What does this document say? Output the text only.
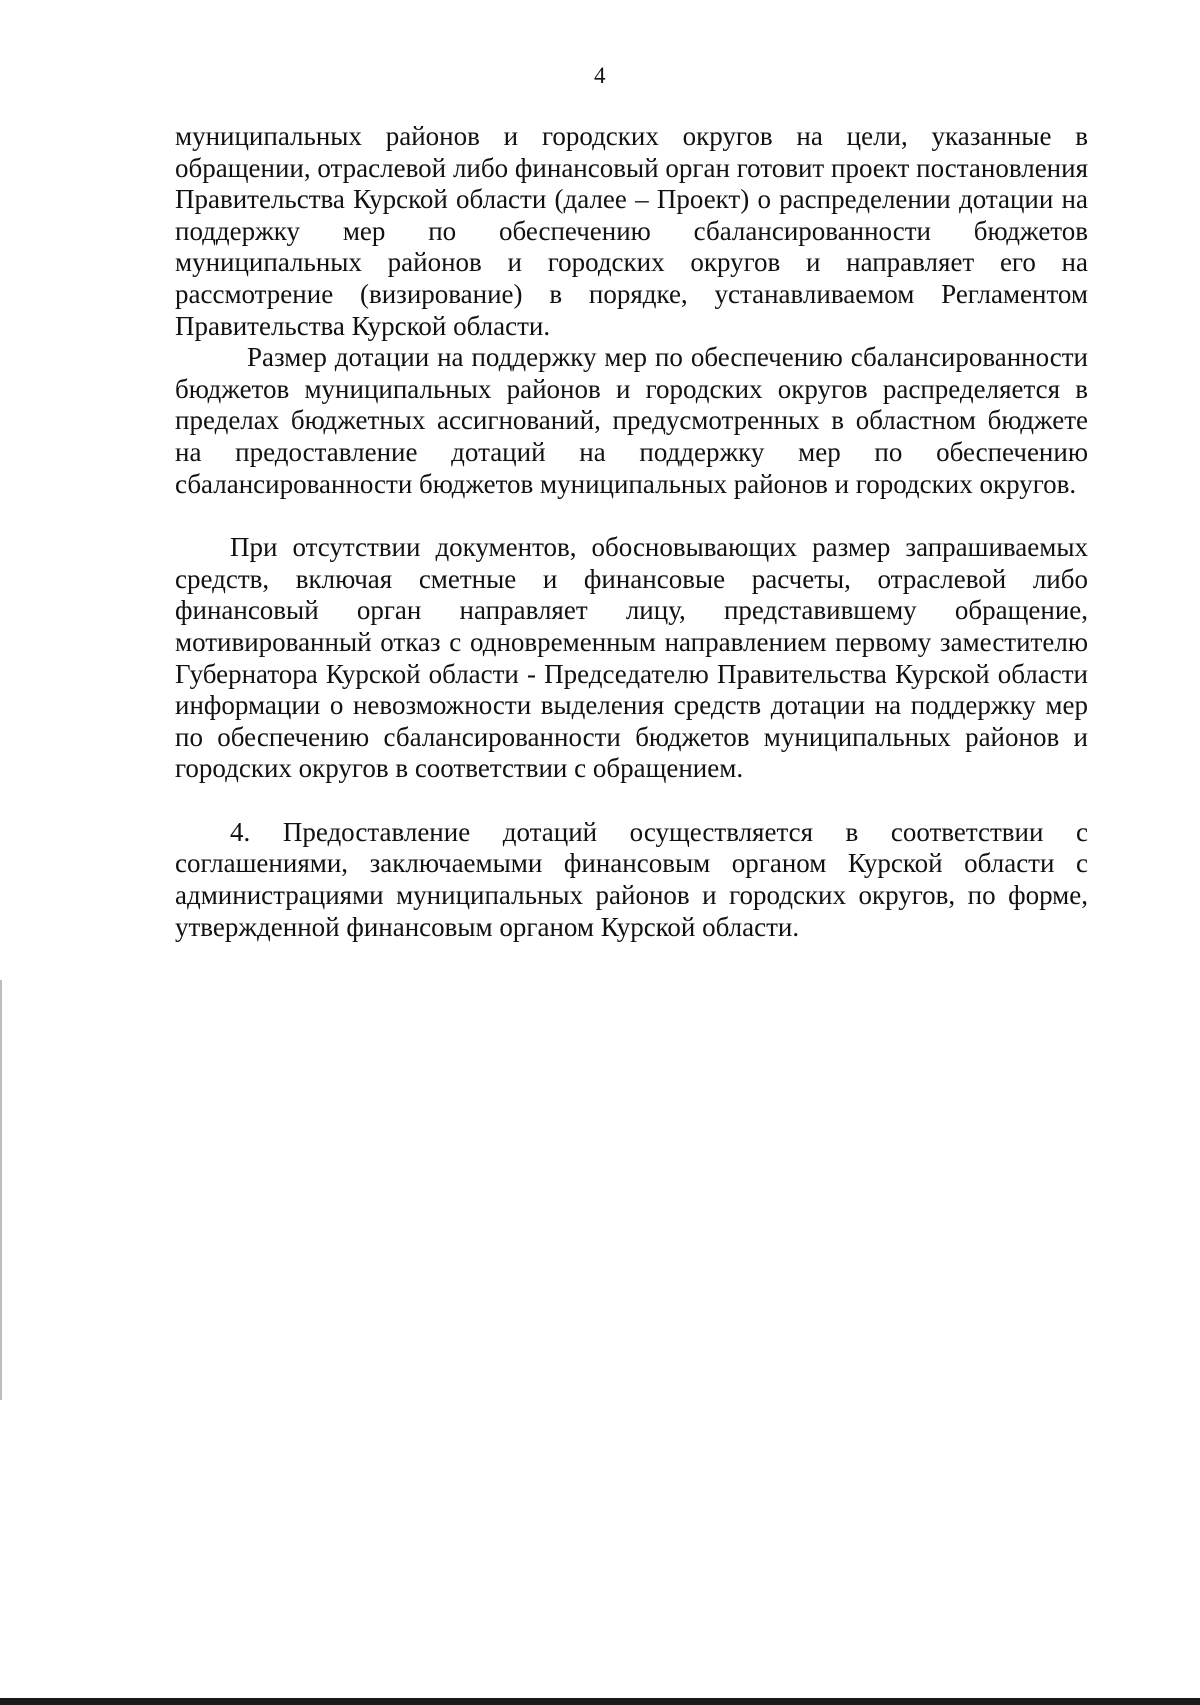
4

муниципальных районов и городских округов на цели, указанные в обращении, отраслевой либо финансовый орган готовит проект постановления Правительства Курской области (далее – Проект) о распределении дотации на поддержку мер по обеспечению сбалансированности бюджетов муниципальных районов и городских округов и направляет его на рассмотрение (визирование) в порядке, устанавливаемом Регламентом Правительства Курской области.

Размер дотации на поддержку мер по обеспечению сбалансированности бюджетов муниципальных районов и городских округов распределяется в пределах бюджетных ассигнований, предусмотренных в областном бюджете на предоставление дотаций на поддержку мер по обеспечению сбалансированности бюджетов муниципальных районов и городских округов.

При отсутствии документов, обосновывающих размер запрашиваемых средств, включая сметные и финансовые расчеты, отраслевой либо финансовый орган направляет лицу, представившему обращение, мотивированный отказ с одновременным направлением первому заместителю Губернатора Курской области - Председателю Правительства Курской области информации о невозможности выделения средств дотации на поддержку мер по обеспечению сбалансированности бюджетов муниципальных районов и городских округов в соответствии с обращением.

4. Предоставление дотаций осуществляется в соответствии с соглашениями, заключаемыми финансовым органом Курской области с администрациями муниципальных районов и городских округов, по форме, утвержденной финансовым органом Курской области.
